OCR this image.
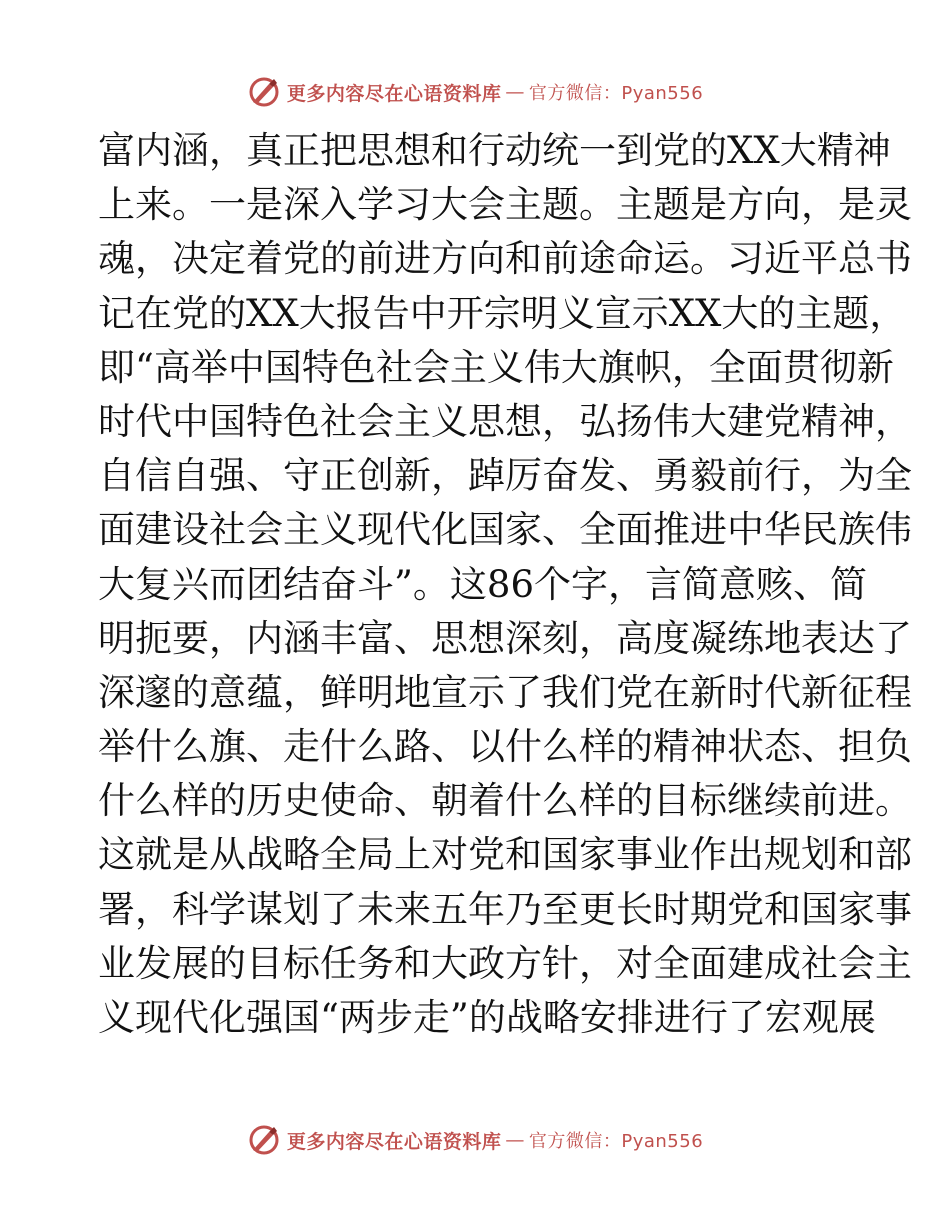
更多内容尽在心语资料库 — 官方微信：Pyan556
富 内 涵 ， 真 正 把 思 想 和 行 动 统 一 到 党 的 XX 大 精 神
上 来 。 一 是 深 入 学 习 大 会 主 题 。 主 题 是 方 向 ， 是 灵
魂 ， 决 定 着 党 的 前 进 方 向 和 前 途 命 运 。 习 近 平 总 书
记 在 党 的 XX 大 报 告 中 开 宗 明 义 宣 示 XX 大 的 主 题 ，
即 “ 高 举 中 国 特 色 社 会 主 义 伟 大 旗 帜 ， 全 面 贯 彻 新
时 代 中 国 特 色 社 会 主 义 思 想 ， 弘 扬 伟 大 建 党 精 神 ，
自 信 自 强 、 守 正 创 新 ， 踔 厉 奋 发 、 勇 毅 前 行 ， 为 全
面 建 设 社 会 主 义 现 代 化 国 家 、 全 面 推 进 中 华 民 族 伟
大 复 兴 而 团 结 奋 斗 ” 。 这 86 个 字 ， 言 简 意 赅 、 简
明 扼 要 ， 内 涵 丰 富 、 思 想 深 刻 ， 高 度 凝 练 地 表 达 了
深 邃 的 意 蕴 ， 鲜 明 地 宣 示 了 我 们 党 在 新 时 代 新 征 程
举 什 么 旗 、 走 什 么 路 、 以 什 么 样 的 精 神 状 态 、 担 负
什 么 样 的 历 史 使 命 、 朝 着 什 么 样 的 目 标 继 续 前 进 。
这 就 是 从 战 略 全 局 上 对 党 和 国 家 事 业 作 出 规 划 和 部
署 ， 科 学 谋 划 了 未 来 五 年 乃 至 更 长 时 期 党 和 国 家 事
业 发 展 的 目 标 任 务 和 大 政 方 针 ， 对 全 面 建 成 社 会 主
义 现 代 化 强 国 “ 两 步 走 ” 的 战 略 安 排 进 行 了 宏 观 展
更多内容尽在心语资料库 — 官方微信：Pyan556
